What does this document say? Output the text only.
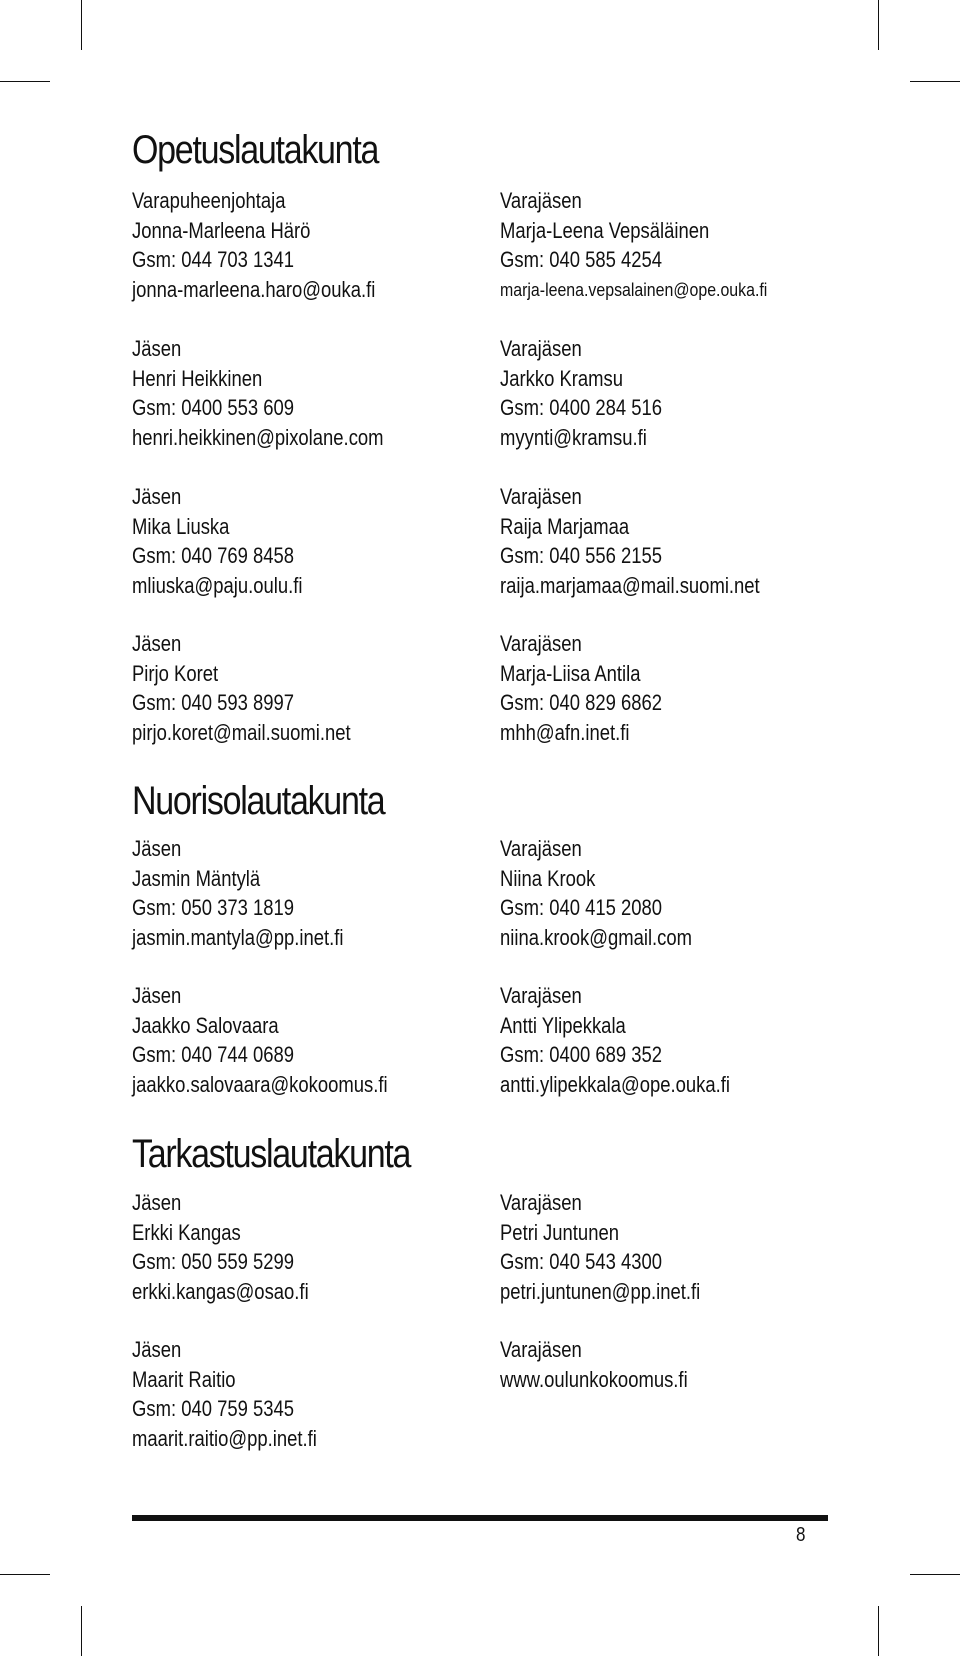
Opetuslautakunta
Varapuheenjohtaja
Jonna-Marleena Härö
Gsm: 044 703 1341
jonna-marleena.haro@ouka.fi
Jäsen
Henri Heikkinen
Gsm: 0400 553 609
henri.heikkinen@pixolane.com
Jäsen
Mika Liuska
Gsm: 040 769 8458
mliuska@paju.oulu.fi
Jäsen
Pirjo Koret
Gsm: 040 593 8997
pirjo.koret@mail.suomi.net
Varajäsen
Marja-Leena Vepsäläinen
Gsm: 040 585 4254
marja-leena.vepsalainen@ope.ouka.fi
Varajäsen
Jarkko Kramsu
Gsm: 0400 284 516
myynti@kramsu.fi
Varajäsen
Raija Marjamaa
Gsm: 040 556 2155
raija.marjamaa@mail.suomi.net
Varajäsen
Marja-Liisa Antila
Gsm: 040 829 6862
mhh@afn.inet.fi
Nuorisolautakunta
Jäsen
Jasmin Mäntylä
Gsm: 050 373 1819
jasmin.mantyla@pp.inet.fi
Jäsen
Jaakko Salovaara
Gsm: 040 744 0689
jaakko.salovaara@kokoomus.fi
Varajäsen
Niina Krook
Gsm: 040 415 2080
niina.krook@gmail.com
Varajäsen
Antti Ylipekkala
Gsm: 0400 689 352
antti.ylipekkala@ope.ouka.fi
Tarkastuslautakunta
Jäsen
Erkki Kangas
Gsm: 050 559 5299
erkki.kangas@osao.fi
Jäsen
Maarit Raitio
Gsm: 040 759 5345
maarit.raitio@pp.inet.fi
Varajäsen
Petri Juntunen
Gsm: 040 543 4300
petri.juntunen@pp.inet.fi
Varajäsen
www.oulunkokoomus.fi
8
